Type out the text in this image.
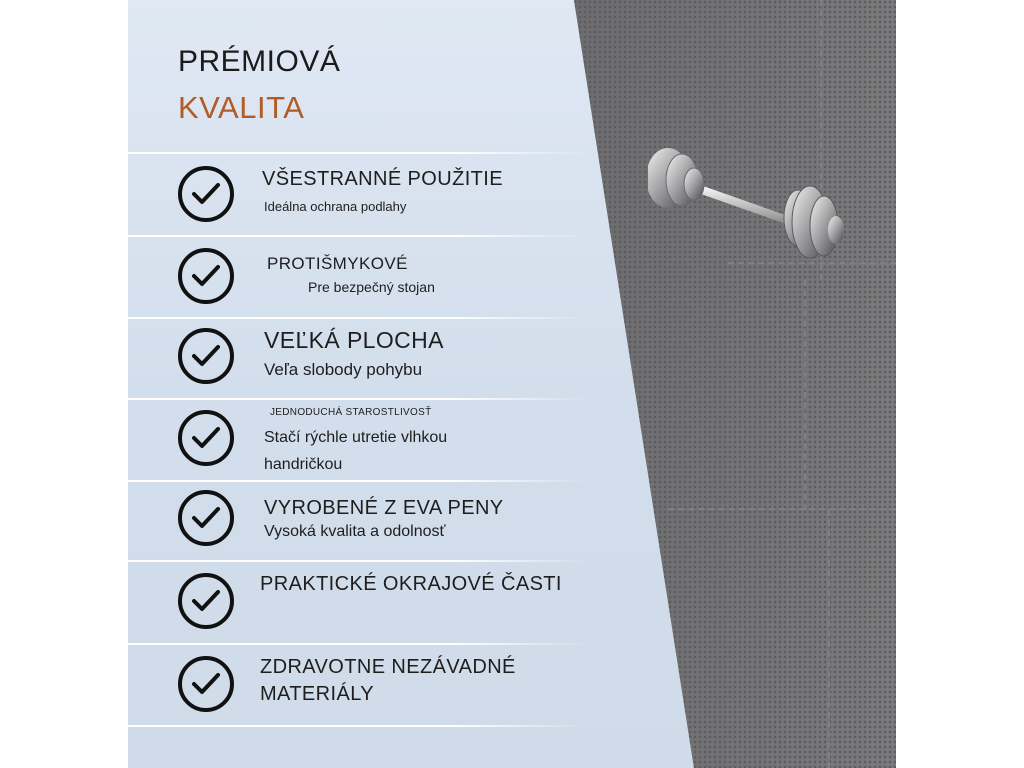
PRÉMIOVÁ
KVALITA
VŠESTRANNÉ POUŽITIE
Ideálna ochrana podlahy
PROTIŠMYKOVÉ
Pre bezpečný stojan
VEĽKÁ PLOCHA
Veľa slobody pohybu
JEDNODUCHÁ STAROSTLIVOSŤ
Stačí rýchle utretie vlhkou
handričkou
VYROBENÉ Z EVA PENY
Vysoká kvalita a odolnosť
PRAKTICKÉ OKRAJOVÉ ČASTI
ZDRAVOTNE NEZÁVADNÉ
MATERIÁLY
